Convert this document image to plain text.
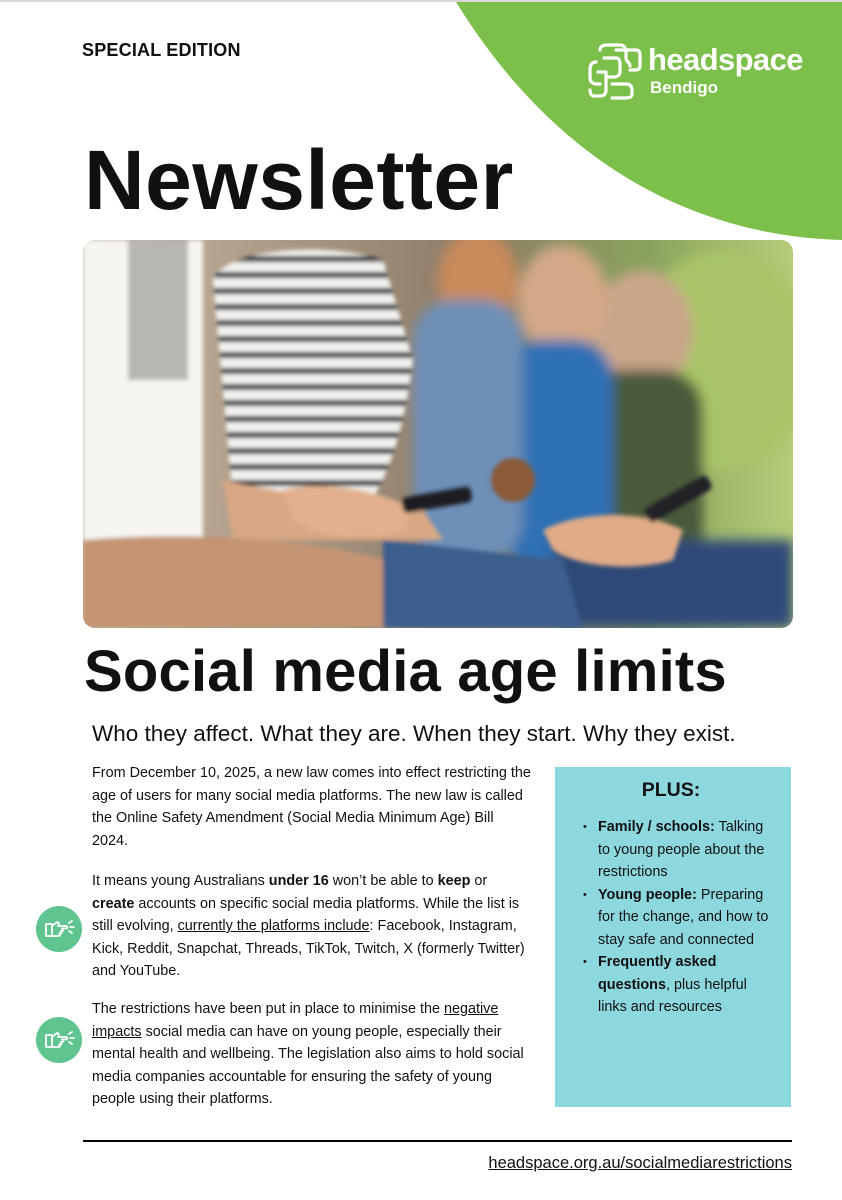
SPECIAL EDITION	headspace
Bendigo
Newsletter
Social media age limits

Who they affect. What they are. When they start. Why they exist.

From December 10, 2025, a new law comes into effect restricting the age of users for many social media platforms. The new law is called the Online Safety Amendment (Social Media Minimum Age) Bill 2024.

It means young Australians under 16 won’t be able to keep or create accounts on specific social media platforms. While the list is still evolving, currently the platforms include: Facebook, Instagram, Kick, Reddit, Snapchat, Threads, TikTok, Twitch, X (formerly Twitter) and YouTube.

The restrictions have been put in place to minimise the negative impacts social media can have on young people, especially their mental health and wellbeing. The legislation also aims to hold social media companies accountable for ensuring the safety of young people using their platforms.

PLUS:
• Family / schools: Talking to young people about the restrictions
• Young people: Preparing for the change, and how to stay safe and connected
• Frequently asked questions, plus helpful links and resources
headspace.org.au/socialmediarestrictions
